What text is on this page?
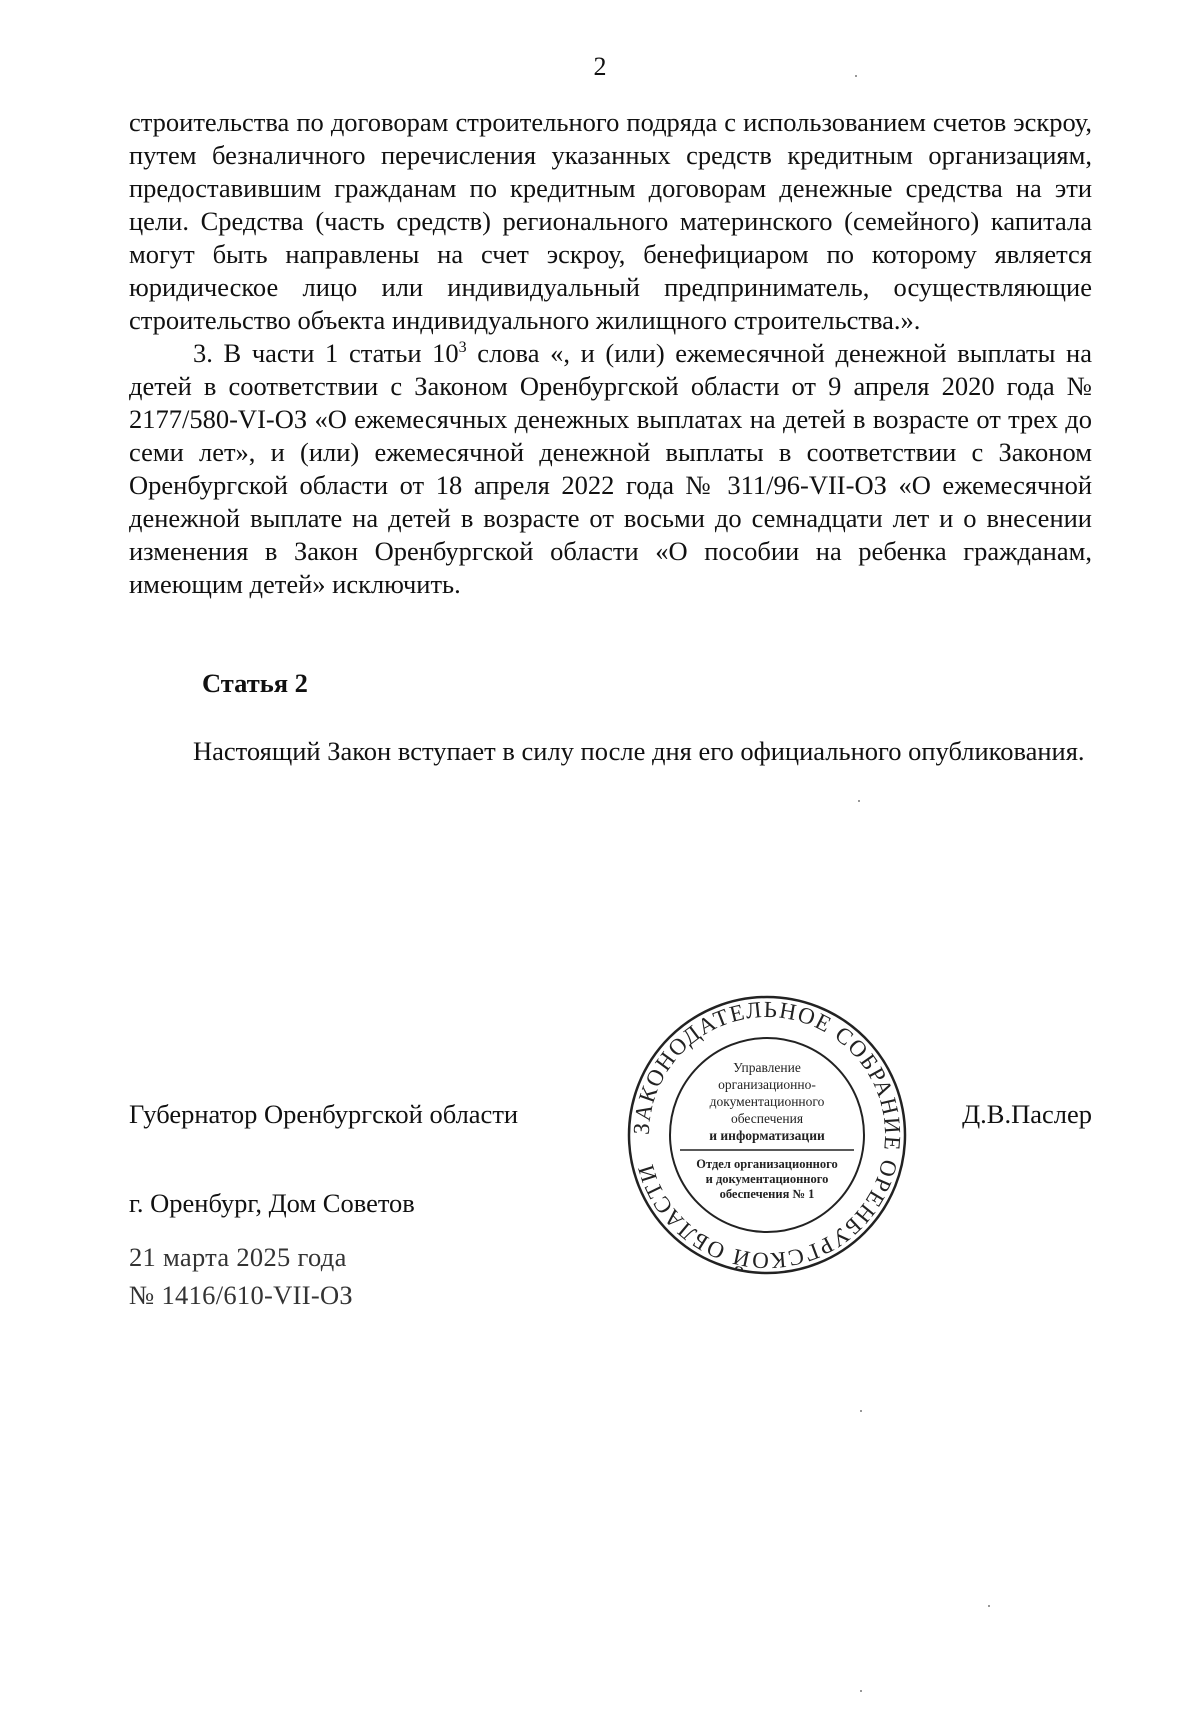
2

строительства по договорам строительного подряда с использованием счетов эскроу, путем безналичного перечисления указанных средств кредитным организациям, предоставившим гражданам по кредитным договорам денежные средства на эти цели. Средства (часть средств) регионального материнского (семейного) капитала могут быть направлены на счет эскроу, бенефициаром по которому является юридическое лицо или индивидуальный предприниматель, осуществляющие строительство объекта индивидуального жилищного строительства.».

3. В части 1 статьи $10^3$ слова «, и (или) ежемесячной денежной выплаты на детей в соответствии с Законом Оренбургской области от 9 апреля 2020 года № 2177/580-VI-ОЗ «О ежемесячных денежных выплатах на детей в возрасте от трех до семи лет», и (или) ежемесячной денежной выплаты в соответствии с Законом Оренбургской области от 18 апреля 2022 года № 311/96-VII-ОЗ «О ежемесячной денежной выплате на детей в возрасте от восьми до семнадцати лет и о внесении изменения в Закон Оренбургской области «О пособии на ребенка гражданам, имеющим детей» исключить.

Статья 2

Настоящий Закон вступает в силу после дня его официального опубликования.

Губернатор Оренбургской области	Д.В.Паслер
ЗАКОНОДАТЕЛЬНОЕ СОБРАНИЕ ОРЕНБУРГСКОЙ ОБЛАСТИ
Управление
организационно-
документационного
обеспечения
и информатизации
Отдел организационного
и документационного
обеспечения № 1
г. Оренбург, Дом Советов
21 марта 2025 года
№ 1416/610-VII-ОЗ
